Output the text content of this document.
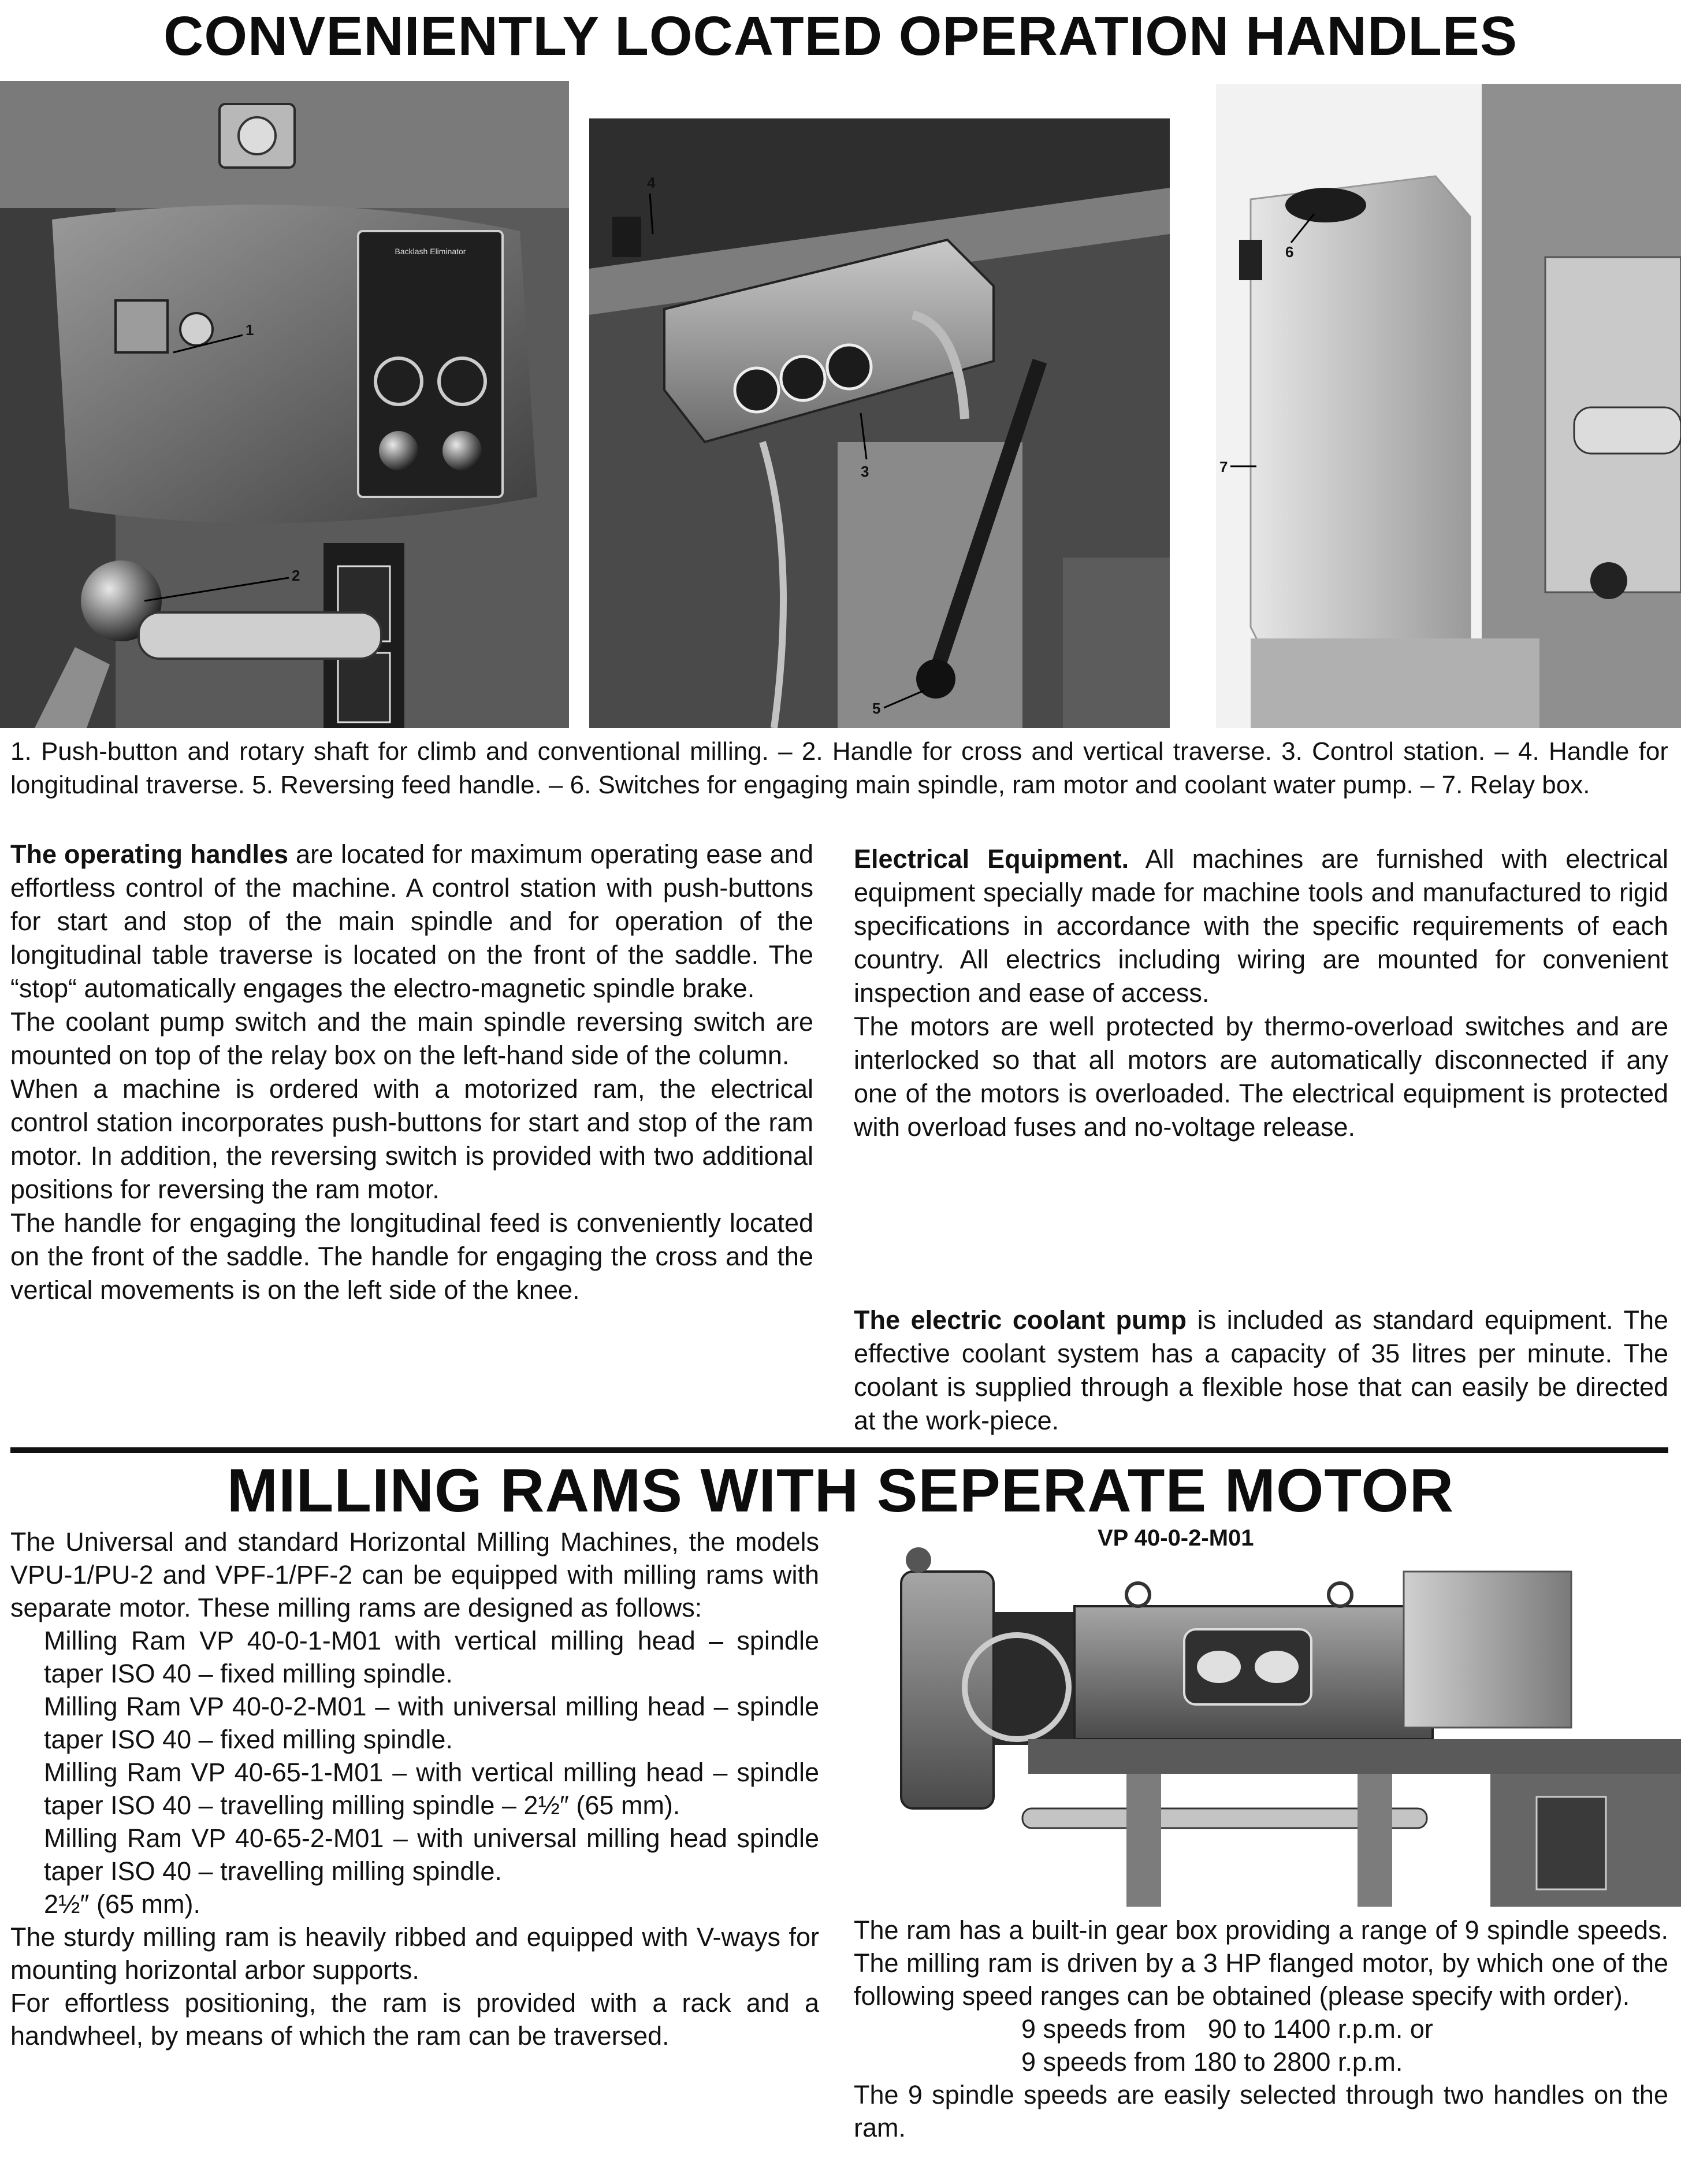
CONVENIENTLY LOCATED OPERATION HANDLES
Backlash Eliminator
1
2
4
3
5
6
7
1. Push-button and rotary shaft for climb and conventional milling. – 2. Handle for cross and vertical traverse. 3. Control station. – 4. Handle for longitudinal traverse. 5. Reversing feed handle. – 6. Switches for engaging main spindle, ram motor and coolant water pump. – 7. Relay box.

The operating handles are located for maximum operating ease and effortless control of the machine. A control station with push-buttons for start and stop of the main spindle and for operation of the longitudinal table traverse is located on the front of the saddle. The “stop“ automatically engages the electro-magnetic spindle brake.

The coolant pump switch and the main spindle reversing switch are mounted on top of the relay box on the left-hand side of the column.

When a machine is ordered with a motorized ram, the electrical control station incorporates push-buttons for start and stop of the ram motor. In addition, the reversing switch is provided with two additional positions for reversing the ram motor.

The handle for engaging the longitudinal feed is conveniently located on the front of the saddle. The handle for engaging the cross and the vertical movements is on the left side of the knee.

Electrical Equipment. All machines are furnished with electrical equipment specially made for machine tools and manufactured to rigid specifications in accordance with the specific requirements of each country. All electrics including wiring are mounted for convenient inspection and ease of access.

The motors are well protected by thermo-overload switches and are interlocked so that all motors are automatically disconnected if any one of the motors is overloaded. The electrical equipment is protected with overload fuses and no-voltage release.

The electric coolant pump is included as standard equipment. The effective coolant system has a capacity of 35 litres per minute. The coolant is supplied through a flexible hose that can easily be directed at the work-piece.

MILLING RAMS WITH SEPERATE MOTOR

The Universal and standard Horizontal Milling Machines, the models VPU-1/PU-2 and VPF-1/PF-2 can be equipped with milling rams with separate motor. These milling rams are designed as follows:

Milling Ram VP 40-0-1-M01 with vertical milling head – spindle taper ISO 40 – fixed milling spindle.

Milling Ram VP 40-0-2-M01 – with universal milling head – spindle taper ISO 40 – fixed milling spindle.

Milling Ram VP 40-65-1-M01 – with vertical milling head – spindle taper ISO 40 – travelling milling spindle – 2½″ (65 mm).

Milling Ram VP 40-65-2-M01 – with universal milling head spindle taper ISO 40 – travelling milling spindle.

2½″ (65 mm).

The sturdy milling ram is heavily ribbed and equipped with V-ways for mounting horizontal arbor supports.

For effortless positioning, the ram is provided with a rack and a handwheel, by means of which the ram can be traversed.

VP 40-0-2-M01

The ram has a built-in gear box providing a range of 9 spindle speeds. The milling ram is driven by a 3 HP flanged motor, by which one of the following speed ranges can be obtained (please specify with order).

9 speeds from   90 to 1400 r.p.m. or

9 speeds from 180 to 2800 r.p.m.

The 9 spindle speeds are easily selected through two handles on the ram.
